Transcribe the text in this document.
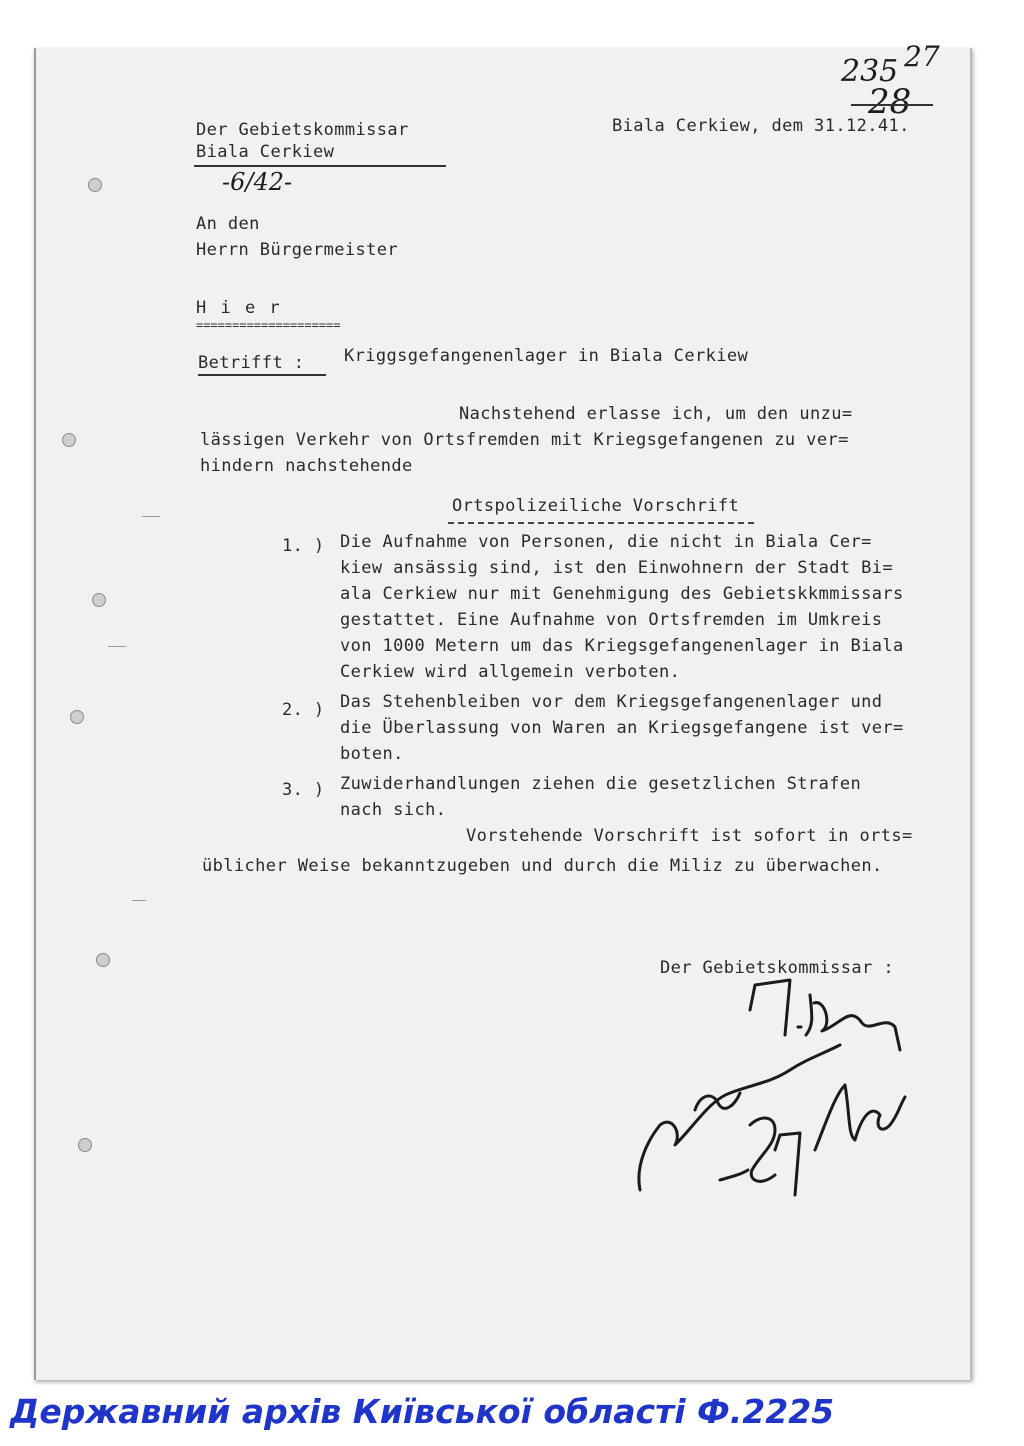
235 27
28
Der Gebietskommissar
Biala Cerkiew
-6/42-
Biala Cerkiew, dem 31.12.41.
An den
Herrn Bürgermeister
H i e r
====================
Betrifft : Kriggsgefangenenlager in Biala Cerkiew
Nachstehend erlasse ich, um den unzu=
lässigen Verkehr von Ortsfremden mit Kriegsgefangenen zu ver=
hindern nachstehende
Ortspolizeiliche Vorschrift
1. ) Die Aufnahme von Personen, die nicht in Biala Cer=
kiew ansässig sind, ist den Einwohnern der Stadt Bi=
ala Cerkiew nur mit Genehmigung des Gebietskkmmissars
gestattet. Eine Aufnahme von Ortsfremden im Umkreis
von 1000 Metern um das Kriegsgefangenenlager in Biala
Cerkiew wird allgemein verboten.
2. ) Das Stehenbleiben vor dem Kriegsgefangenenlager und
die Überlassung von Waren an Kriegsgefangene ist ver=
boten.
3. ) Zuwiderhandlungen ziehen die gesetzlichen Strafen
nach sich.
Vorstehende Vorschrift ist sofort in orts=
üblicher Weise bekanntzugeben und durch die Miliz zu überwachen.
Der Gebietskommissar :
Державний архів Київської області Ф.2225
